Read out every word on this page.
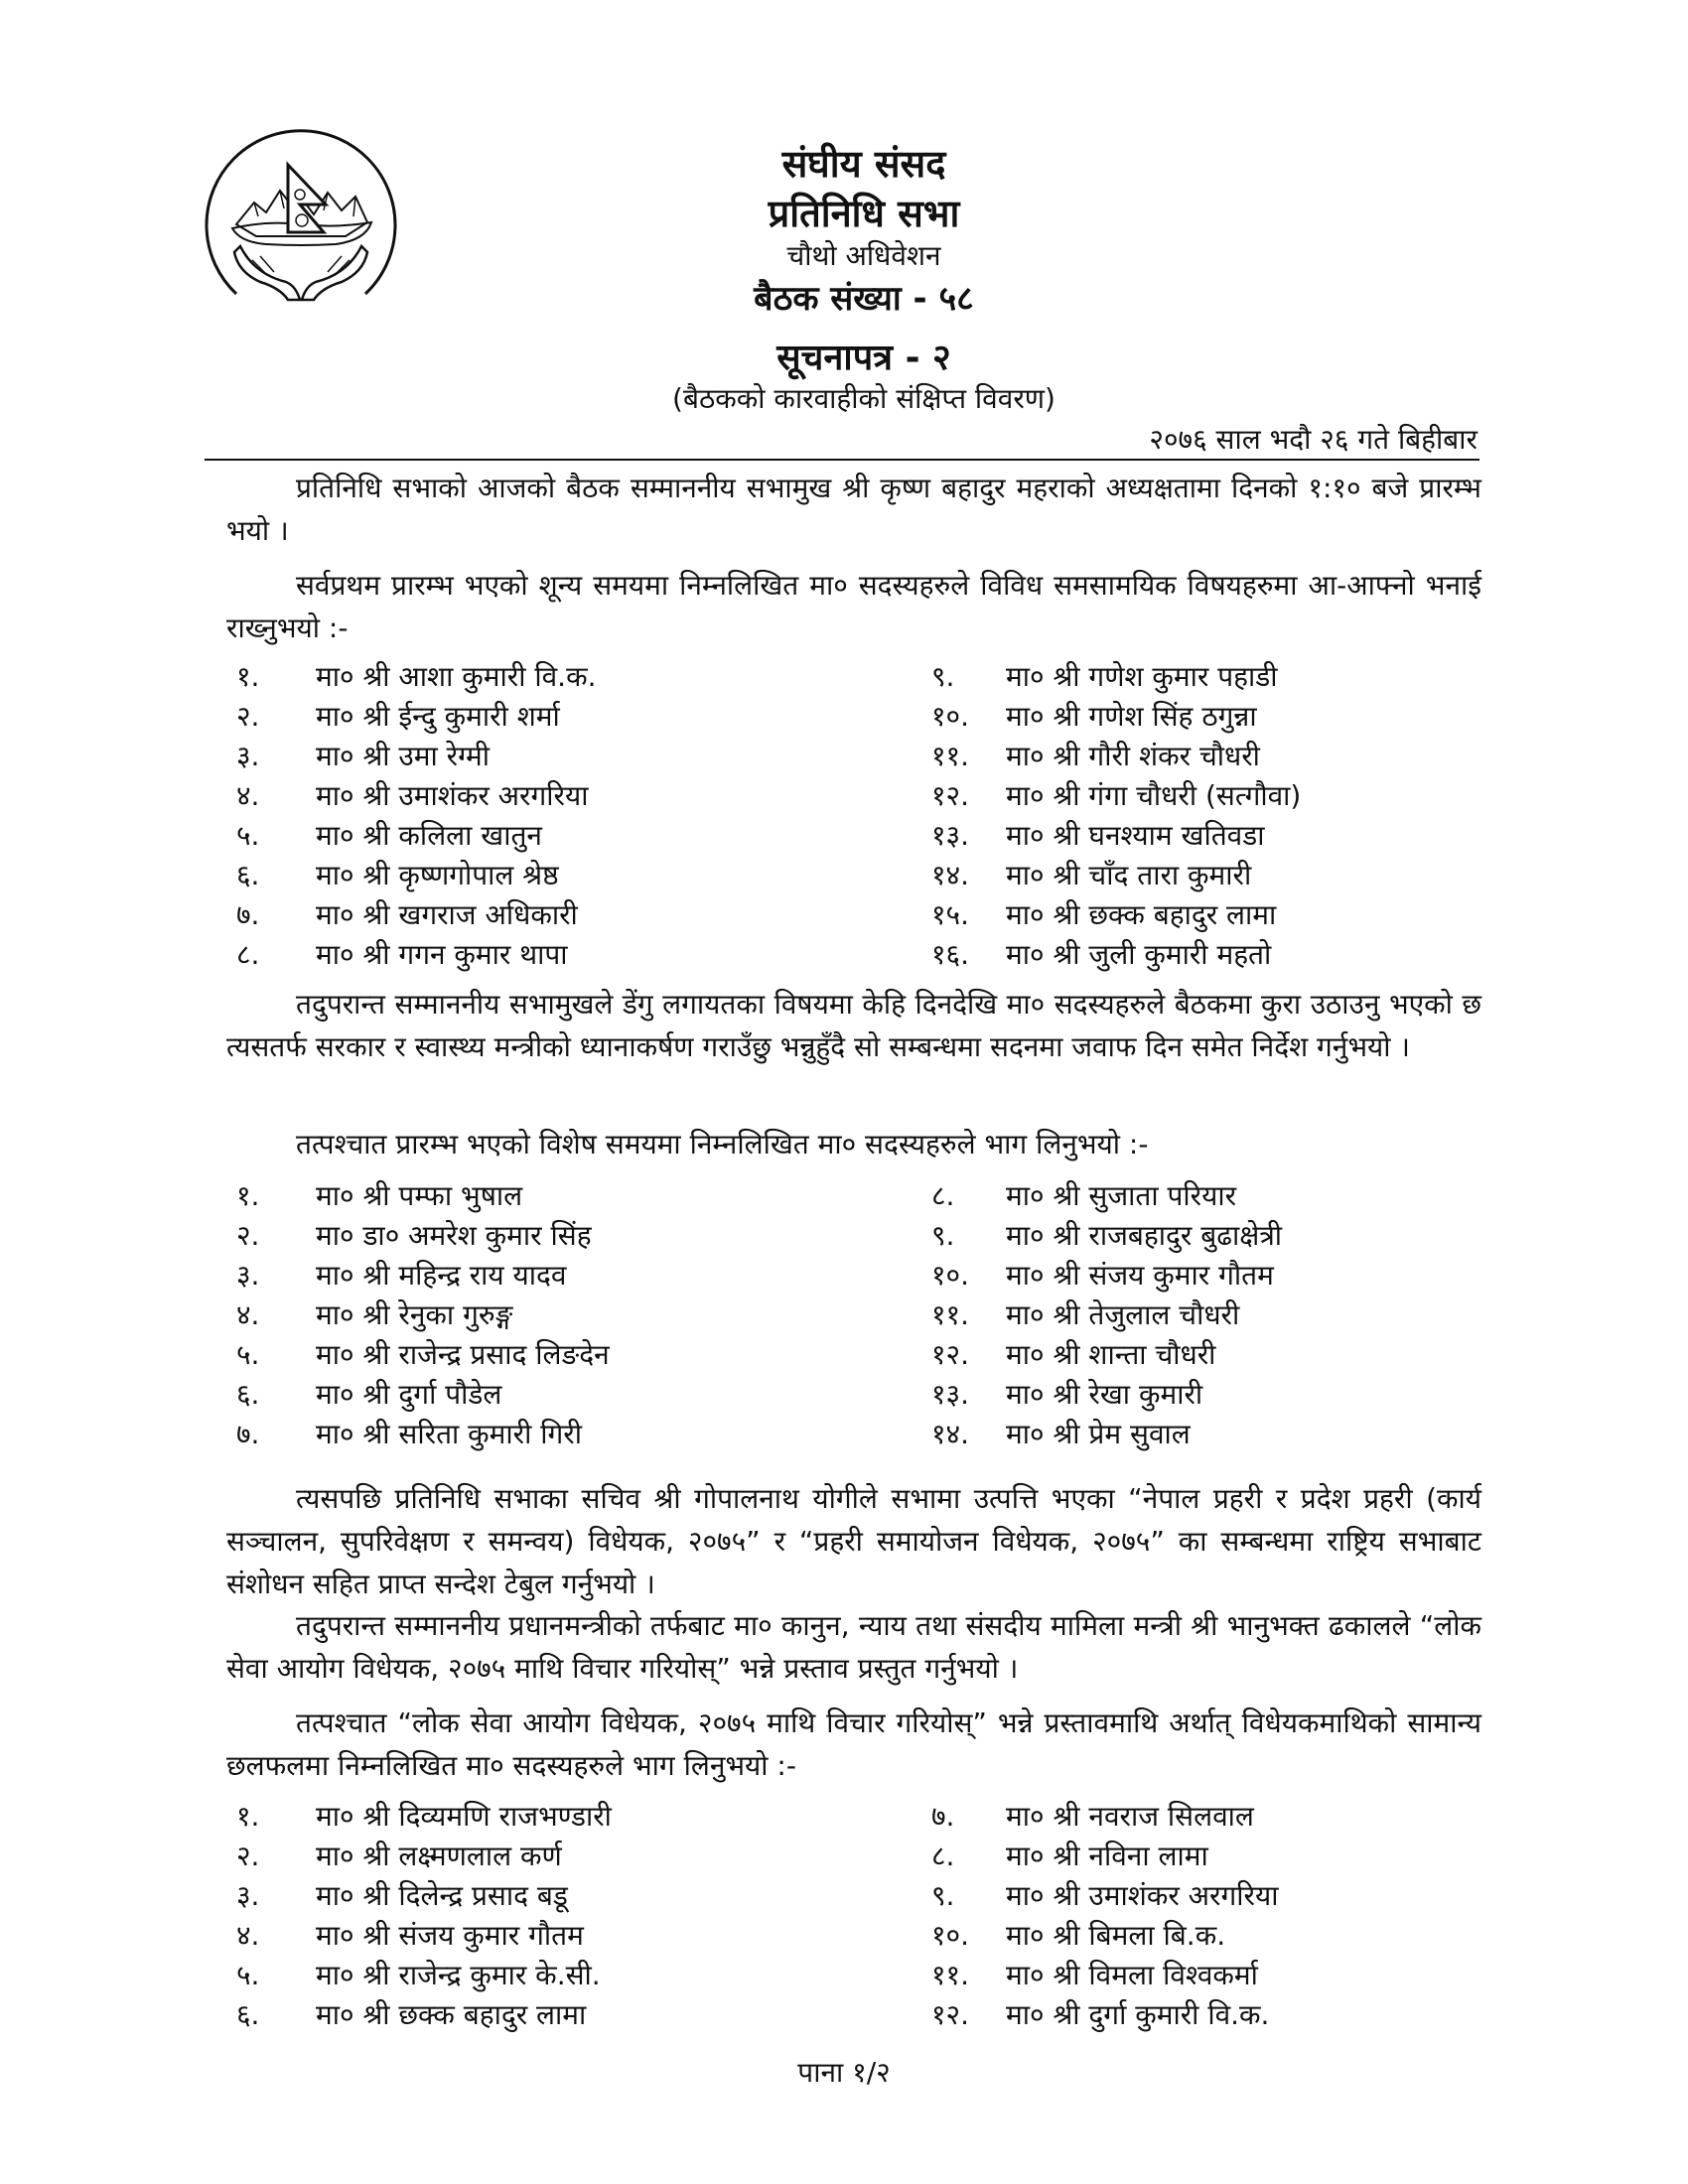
संघीय संसद
प्रतिनिधि सभा
चौथो अधिवेशन
बैठक संख्या - ५८
सूचनापत्र - २
(बैठकको कारवाहीको संक्षिप्त विवरण)
२०७६ साल भदौ २६ गते बिहीबार
प्रतिनिधि सभाको आजको बैठक सम्माननीय सभामुख श्री कृष्ण बहादुर महराको अध्यक्षतामा दिनको १:१० बजे प्रारम्भ भयो ।
सर्वप्रथम प्रारम्भ भएको शून्य समयमा निम्नलिखित मा० सदस्यहरुले विविध समसामयिक विषयहरुमा आ-आफ्नो भनाई राख्नुभयो :-
१. मा० श्री आशा कुमारी वि.क.	९. मा० श्री गणेश कुमार पहाडी
२. मा० श्री ईन्दु कुमारी शर्मा	१०. मा० श्री गणेश सिंह ठगुन्ना
३. मा० श्री उमा रेग्मी	११. मा० श्री गौरी शंकर चौधरी
४. मा० श्री उमाशंकर अरगरिया	१२. मा० श्री गंगा चौधरी (सत्गौवा)
५. मा० श्री कलिला खातुन	१३. मा० श्री घनश्याम खतिवडा
६. मा० श्री कृष्णगोपाल श्रेष्ठ	१४. मा० श्री चाँद तारा कुमारी
७. मा० श्री खगराज अधिकारी	१५. मा० श्री छक्क बहादुर लामा
८. मा० श्री गगन कुमार थापा	१६. मा० श्री जुली कुमारी महतो
तदुपरान्त सम्माननीय सभामुखले डेंगु लगायतका विषयमा केहि दिनदेखि मा० सदस्यहरुले बैठकमा कुरा उठाउनु भएको छ त्यसतर्फ सरकार र स्वास्थ्य मन्त्रीको ध्यानाकर्षण गराउँछु भन्नुहुँदै सो सम्बन्धमा सदनमा जवाफ दिन समेत निर्देश गर्नुभयो ।
तत्पश्चात प्रारम्भ भएको विशेष समयमा निम्नलिखित मा० सदस्यहरुले भाग लिनुभयो :-
१. मा० श्री पम्फा भुषाल	८. मा० श्री सुजाता परियार
२. मा० डा० अमरेश कुमार सिंह	९. मा० श्री राजबहादुर बुढाक्षेत्री
३. मा० श्री महिन्द्र राय यादव	१०. मा० श्री संजय कुमार गौतम
४. मा० श्री रेनुका गुरुङ्ग	११. मा० श्री तेजुलाल चौधरी
५. मा० श्री राजेन्द्र प्रसाद लिङदेन	१२. मा० श्री शान्ता चौधरी
६. मा० श्री दुर्गा पौडेल	१३. मा० श्री रेखा कुमारी
७. मा० श्री सरिता कुमारी गिरी	१४. मा० श्री प्रेम सुवाल
त्यसपछि प्रतिनिधि सभाका सचिव श्री गोपालनाथ योगीले सभामा उत्पत्ति भएका “नेपाल प्रहरी र प्रदेश प्रहरी (कार्य सञ्चालन, सुपरिवेक्षण र समन्वय) विधेयक, २०७५” र “प्रहरी समायोजन विधेयक, २०७५” का सम्बन्धमा राष्ट्रिय सभाबाट संशोधन सहित प्राप्त सन्देश टेबुल गर्नुभयो ।
तदुपरान्त सम्माननीय प्रधानमन्त्रीको तर्फबाट मा० कानुन, न्याय तथा संसदीय मामिला मन्त्री श्री भानुभक्त ढकालले “लोक सेवा आयोग विधेयक, २०७५ माथि विचार गरियोस्” भन्ने प्रस्ताव प्रस्तुत गर्नुभयो ।
तत्पश्चात “लोक सेवा आयोग विधेयक, २०७५ माथि विचार गरियोस्” भन्ने प्रस्तावमाथि अर्थात् विधेयकमाथिको सामान्य छलफलमा निम्नलिखित मा० सदस्यहरुले भाग लिनुभयो :-
१. मा० श्री दिव्यमणि राजभण्डारी	७. मा० श्री नवराज सिलवाल
२. मा० श्री लक्ष्मणलाल कर्ण	८. मा० श्री नविना लामा
३. मा० श्री दिलेन्द्र प्रसाद बडू	९. मा० श्री उमाशंकर अरगरिया
४. मा० श्री संजय कुमार गौतम	१०. मा० श्री बिमला बि.क.
५. मा० श्री राजेन्द्र कुमार के.सी.	११. मा० श्री विमला विश्वकर्मा
६. मा० श्री छक्क बहादुर लामा	१२. मा० श्री दुर्गा कुमारी वि.क.
पाना १/२
